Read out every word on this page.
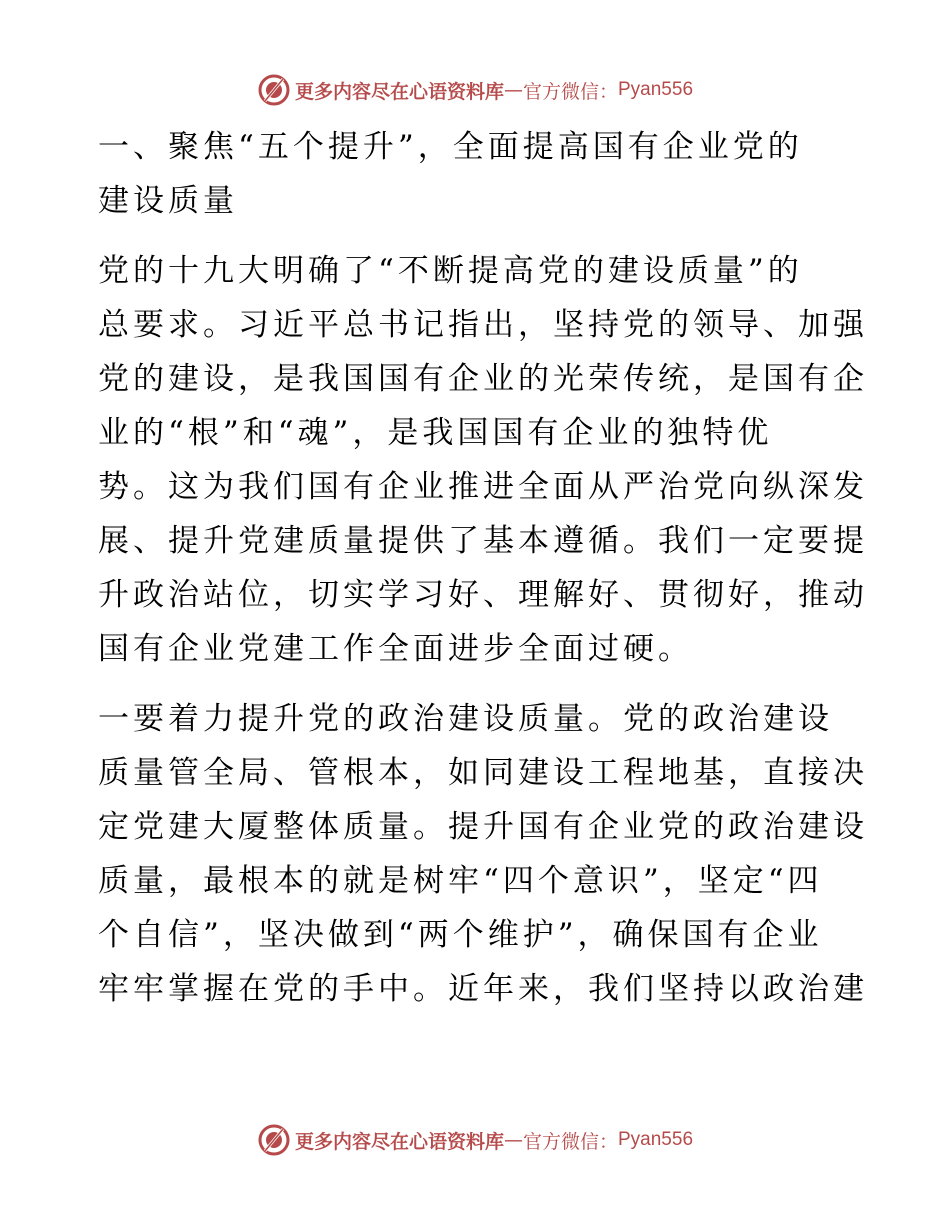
更多内容尽在心语资料库 — 官方微信： Pyan556
一、聚焦“五个提升”，全面提高国有企业党的
建设质量
党的十九大明确了“不断提高党的建设质量”的
总要求。习近平总书记指出，坚持党的领导、加强
党的建设，是我国国有企业的光荣传统，是国有企
业的“根”和“魂”，是我国国有企业的独特优
势。这为我们国有企业推进全面从严治党向纵深发
展、提升党建质量提供了基本遵循。我们一定要提
升政治站位，切实学习好、理解好、贯彻好，推动
国有企业党建工作全面进步全面过硬。
一要着力提升党的政治建设质量。党的政治建设
质量管全局、管根本，如同建设工程地基，直接决
定党建大厦整体质量。提升国有企业党的政治建设
质量，最根本的就是树牢“四个意识”，坚定“四
个自信”，坚决做到“两个维护”，确保国有企业
牢牢掌握在党的手中。近年来，我们坚持以政治建
更多内容尽在心语资料库 — 官方微信： Pyan556
